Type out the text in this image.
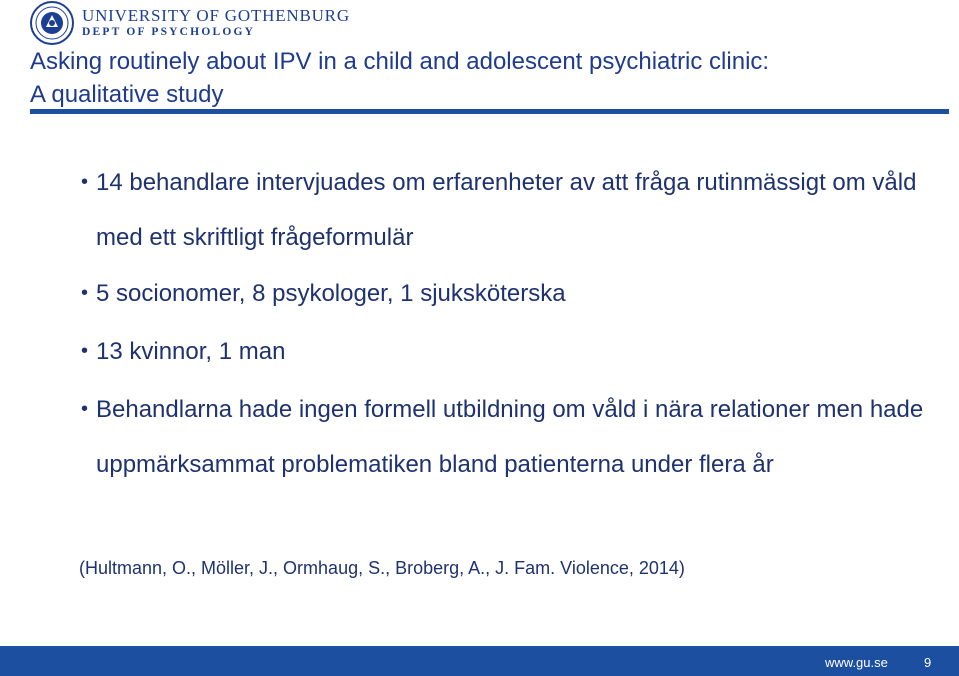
UNIVERSITY OF GOTHENBURG
DEPT OF PSYCHOLOGY
Asking routinely about IPV in a child and adolescent psychiatric clinic:
A qualitative study
• 14 behandlare intervjuades om erfarenheter av att fråga rutinmässigt om våld med ett skriftligt frågeformulär
• 5 socionomer, 8 psykologer, 1 sjuksköterska
• 13 kvinnor, 1 man
• Behandlarna hade ingen formell utbildning om våld i nära relationer men hade uppmärksammat problematiken bland patienterna under flera år
(Hultmann, O., Möller, J., Ormhaug, S., Broberg, A., J. Fam. Violence, 2014)
www.gu.se	9
